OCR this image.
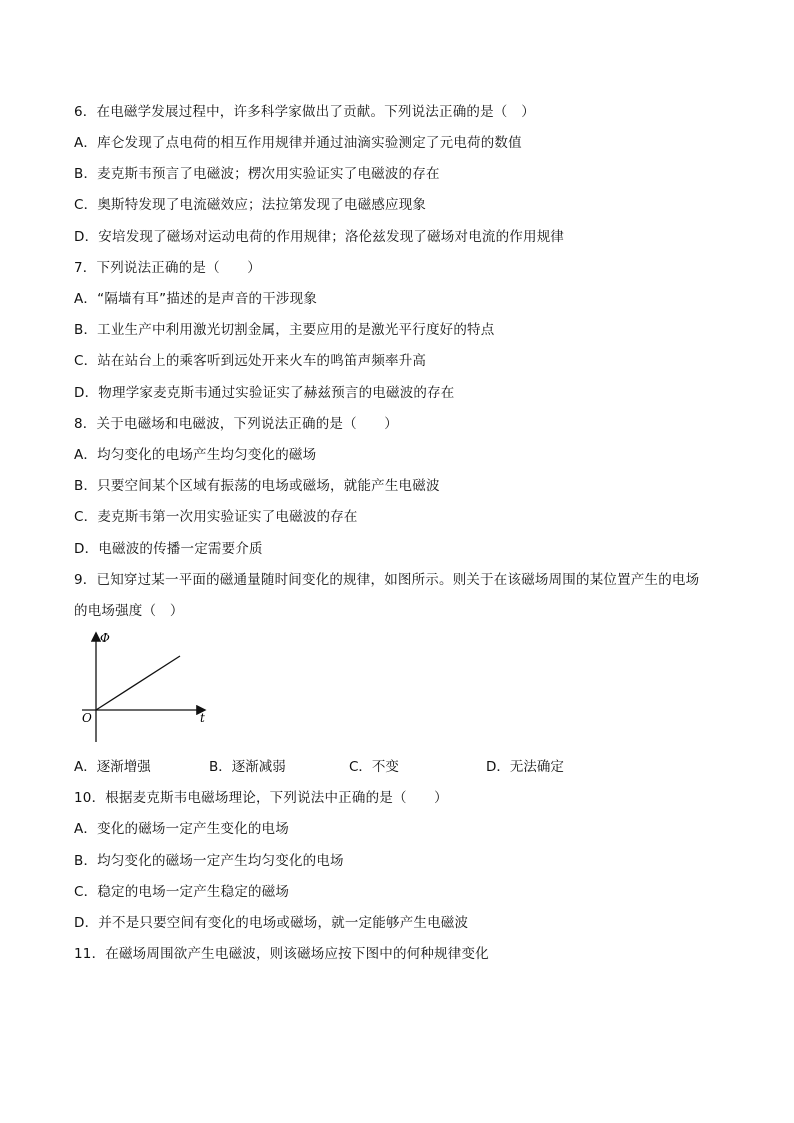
6．在电磁学发展过程中，许多科学家做出了贡献。下列说法正确的是（　）
A．库仑发现了点电荷的相互作用规律并通过油滴实验测定了元电荷的数值
B．麦克斯韦预言了电磁波；楞次用实验证实了电磁波的存在
C．奥斯特发现了电流磁效应；法拉第发现了电磁感应现象
D．安培发现了磁场对运动电荷的作用规律；洛伦兹发现了磁场对电流的作用规律
7．下列说法正确的是（　　）
A．“隔墙有耳”描述的是声音的干涉现象
B．工业生产中利用激光切割金属，主要应用的是激光平行度好的特点
C．站在站台上的乘客听到远处开来火车的鸣笛声频率升高
D．物理学家麦克斯韦通过实验证实了赫兹预言的电磁波的存在
8．关于电磁场和电磁波，下列说法正确的是（　　）
A．均匀变化的电场产生均匀变化的磁场
B．只要空间某个区域有振荡的电场或磁场，就能产生电磁波
C．麦克斯韦第一次用实验证实了电磁波的存在
D．电磁波的传播一定需要介质
9．已知穿过某一平面的磁通量随时间变化的规律，如图所示。则关于在该磁场周围的某位置产生的电场
的电场强度（　）
Φ
t
O
A．逐渐增强	B．逐渐减弱	C．不变	D．无法确定
10．根据麦克斯韦电磁场理论，下列说法中正确的是（　　）
A．变化的磁场一定产生变化的电场
B．均匀变化的磁场一定产生均匀变化的电场
C．稳定的电场一定产生稳定的磁场
D．并不是只要空间有变化的电场或磁场，就一定能够产生电磁波
11．在磁场周围欲产生电磁波，则该磁场应按下图中的何种规律变化
